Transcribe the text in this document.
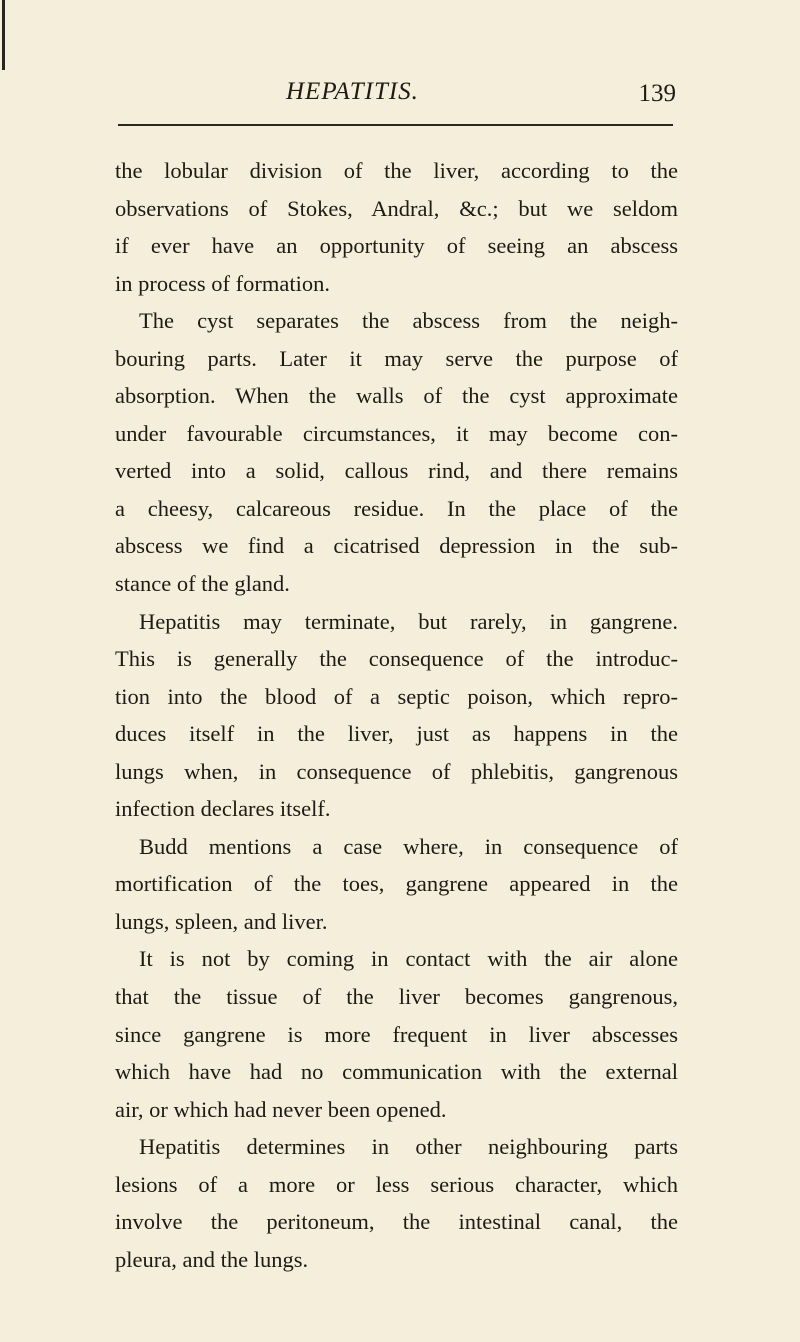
HEPATITIS.	139

the lobular division of the liver, according to the
observations of Stokes, Andral, &c.; but we seldom
if ever have an opportunity of seeing an abscess
in process of formation.

The cyst separates the abscess from the neigh-
bouring parts. Later it may serve the purpose of
absorption. When the walls of the cyst approximate
under favourable circumstances, it may become con-
verted into a solid, callous rind, and there remains
a cheesy, calcareous residue. In the place of the
abscess we find a cicatrised depression in the sub-
stance of the gland.

Hepatitis may terminate, but rarely, in gangrene.
This is generally the consequence of the introduc-
tion into the blood of a septic poison, which repro-
duces itself in the liver, just as happens in the
lungs when, in consequence of phlebitis, gangrenous
infection declares itself.

Budd mentions a case where, in consequence of
mortification of the toes, gangrene appeared in the
lungs, spleen, and liver.

It is not by coming in contact with the air alone
that the tissue of the liver becomes gangrenous,
since gangrene is more frequent in liver abscesses
which have had no communication with the external
air, or which had never been opened.

Hepatitis determines in other neighbouring parts
lesions of a more or less serious character, which
involve the peritoneum, the intestinal canal, the
pleura, and the lungs.
